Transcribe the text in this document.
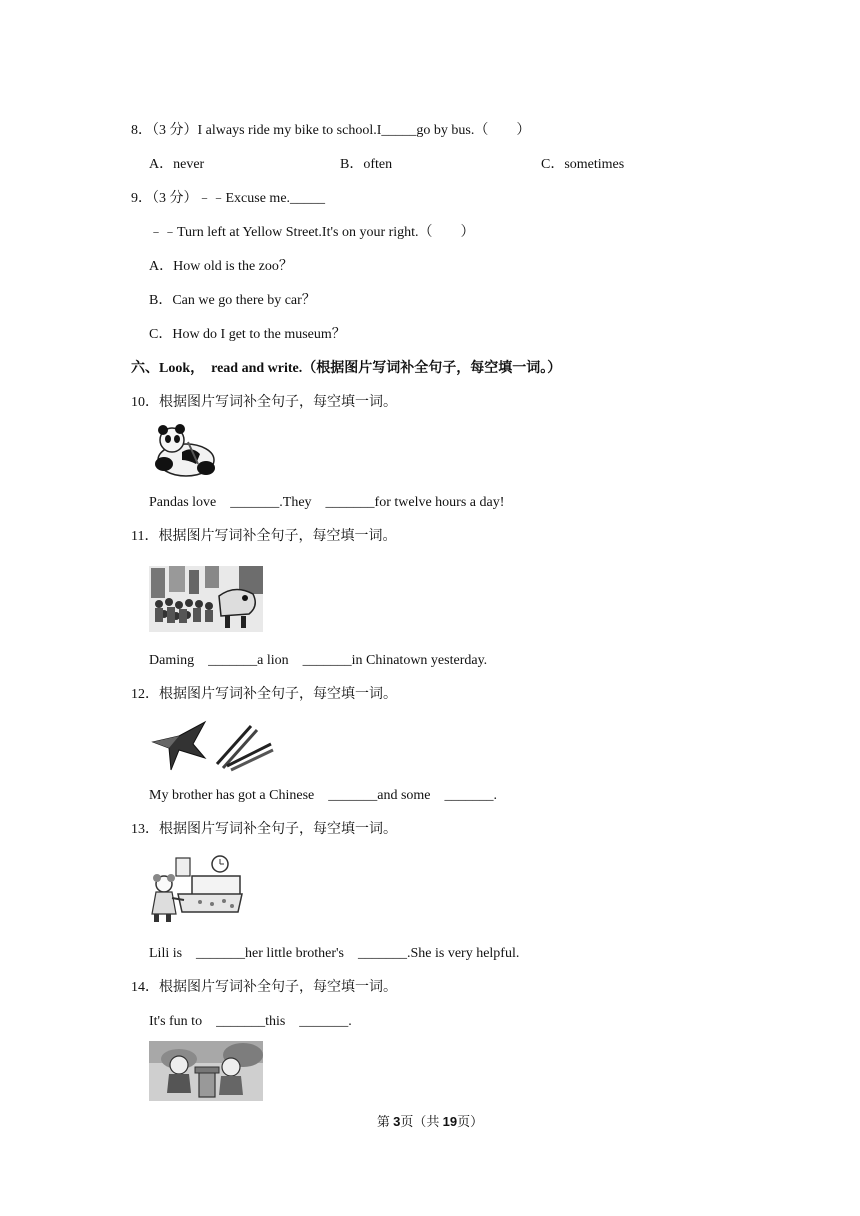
8．（3 分）I always ride my bike to school.I_____go by bus.（　　）
A．never	B．often	C．sometimes
9．（3 分）﹣﹣Excuse me._____
﹣﹣Turn left at Yellow Street.It's on your right.（　　）
A．How old is the zoo？
B．Can we go there by car？
C．How do I get to the museum？
六、Look，　read and write.（根据图片写词补全句子，每空填一词。）
10．根据图片写词补全句子，每空填一词。
Pandas love　_______.They　_______for twelve hours a day!
11．根据图片写词补全句子，每空填一词。
Daming　_______a lion　_______in Chinatown yesterday.
12．根据图片写词补全句子，每空填一词。
My brother has got a Chinese　_______and some　_______.
13．根据图片写词补全句子，每空填一词。
Lili is　_______her little brother's　_______.She is very helpful.
14．根据图片写词补全句子，每空填一词。
It's fun to　_______this　_______.
第 3页（共 19页）
